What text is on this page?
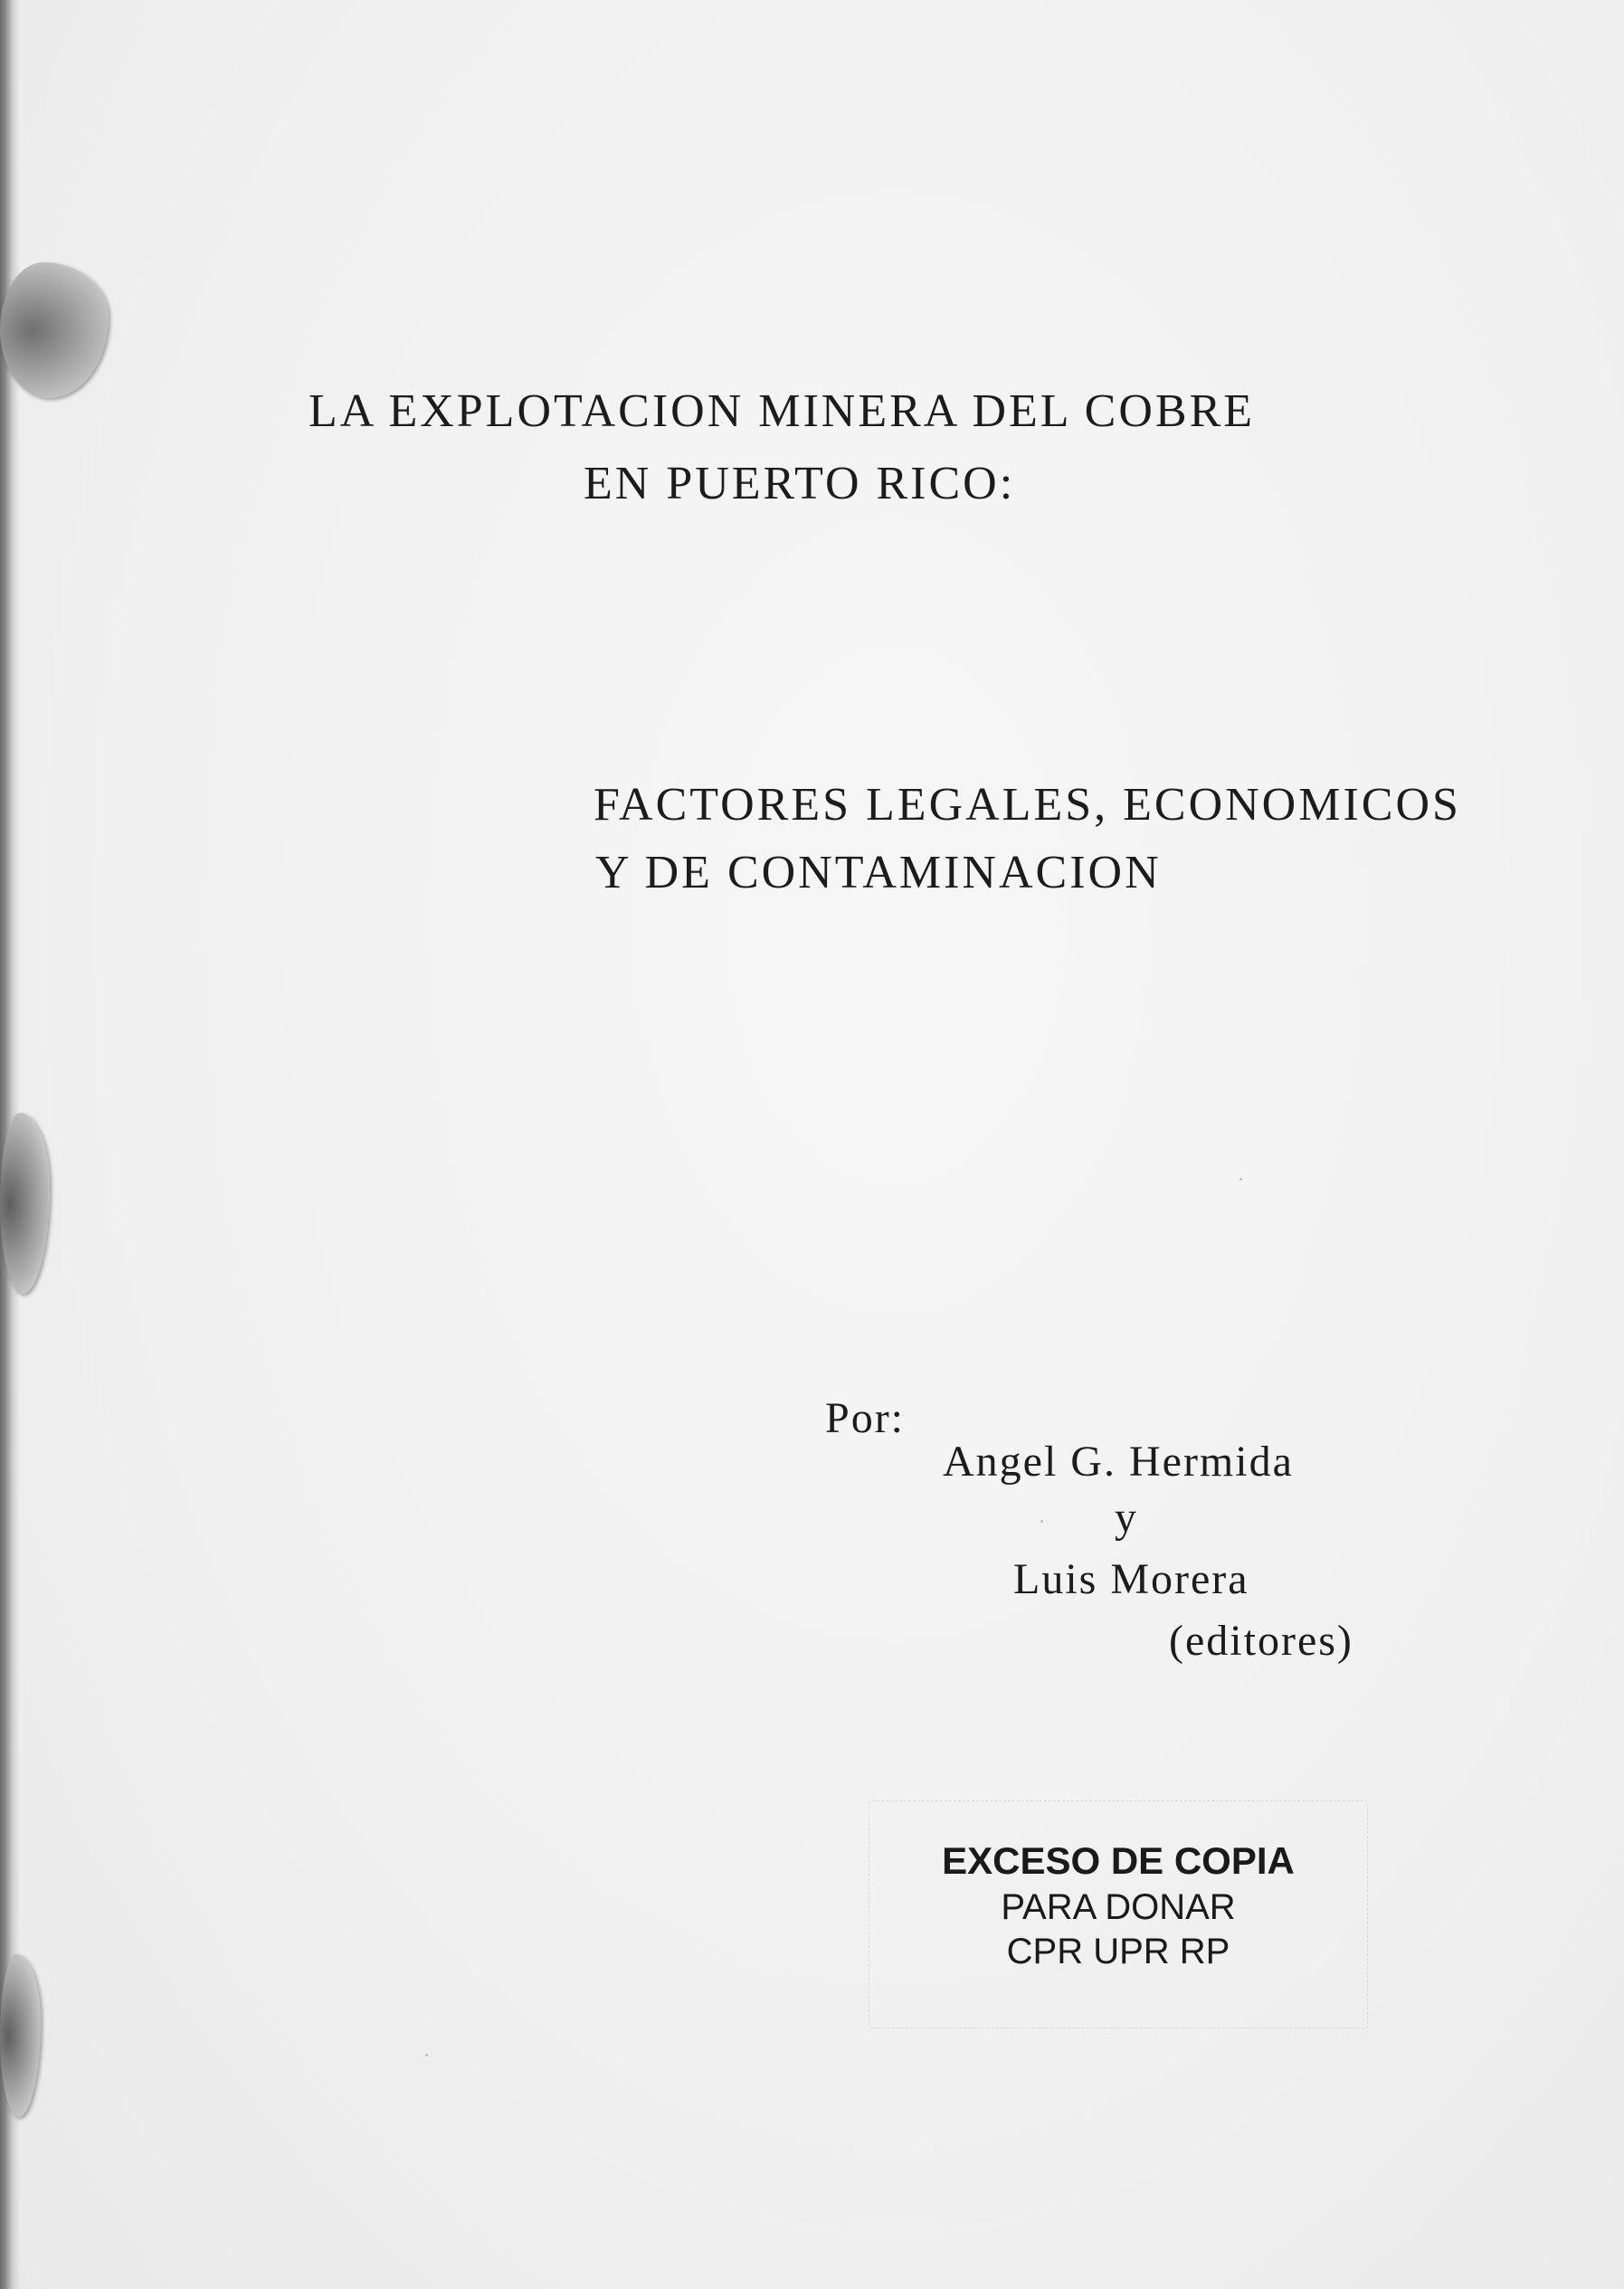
LA EXPLOTACION MINERA DEL COBRE
EN PUERTO RICO:
FACTORES LEGALES, ECONOMICOS
Y DE CONTAMINACION
Por:
Angel G. Hermida
y
Luis Morera
(editores)
EXCESO DE COPIA
PARA DONAR
CPR UPR RP
